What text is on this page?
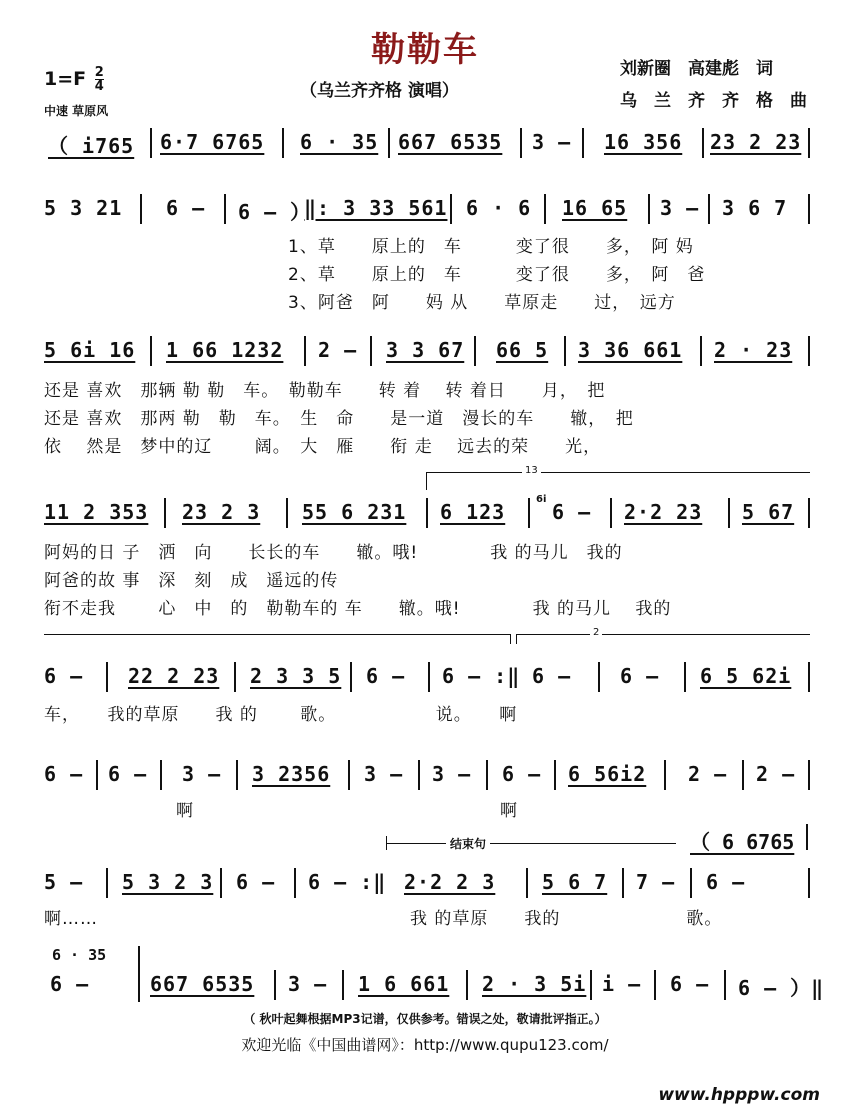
勒勒车
（乌兰齐齐格 演唱）
刘新圈　高建彪　词
乌　兰　齐　齐　格　曲
$1=F \frac{2}{4}$
中速 草原风
（ i765 6·7 6765 6 · 35 667 6535 3 – 16 356 23 2 23
5 3 21 6 – 6 – ）
‖: 3 33 561 6 · 6 16 65 3 – 3 6 7
1、草　　原上的　车　　　变了很　　多，　阿 妈
2、草　　原上的　车　　　变了很　　多，　阿　爸
3、阿爸　阿　　妈 从　　草原走　　过，　远方
5 6i 16 1 66 1232 2 – 3 3 67 66 5 3 36 661 2 · 23
还是 喜欢　那辆 勒 勒　车。　勒勒车　　转 着　 转 着日　　月，　把
还是 喜欢　那两 勒　勒　车。　生　命　　是一道　漫长的车　　辙，　把
依　 然是　梦中的辽　　 阔。　大　雁　　衔 走　 远去的荣　　光，
13
11 2 353 23 2 3 55 6 231 6 123
6i
6 – 2·2 23 5 67
阿妈的日 子　洒　向　　长长的车　　辙。哦!　　　　我 的马儿　我的
阿爸的故 事　深　刻　成　遥远的传
衔不走我　　 心　中　的　勒勒车的 车　　辙。哦!　　　　我 的马儿　 我的
2
6 – 22 2 23 2 3 3 5 6 – 6 – :‖ 6 – 6 – 6 5 62i
车，　　我的草原　　我 的　　 歌。　　　　　　说。　　啊
6 – 6 – 3 – 3 2356 3 – 3 – 6 – 6 56i2 2 – 2 –
啊	啊
结束句	（ 6 6765
5 – 5 3 2 3 6 – 6 – :‖ 2·2 2 3 5 6 7 7 – 6 –
啊……	我 的草原　　我的　　　　　　　歌。
6 · 35
6 –	667 6535 3 – 1 6 661 2 · 3 5i i – 6 – 6 – ）‖
（ 秋叶起舞根据MP3记谱，仅供参考。错误之处，敬请批评指正。）
欢迎光临《中国曲谱网》：http://www.qupu123.com/
www.hpppw.com
